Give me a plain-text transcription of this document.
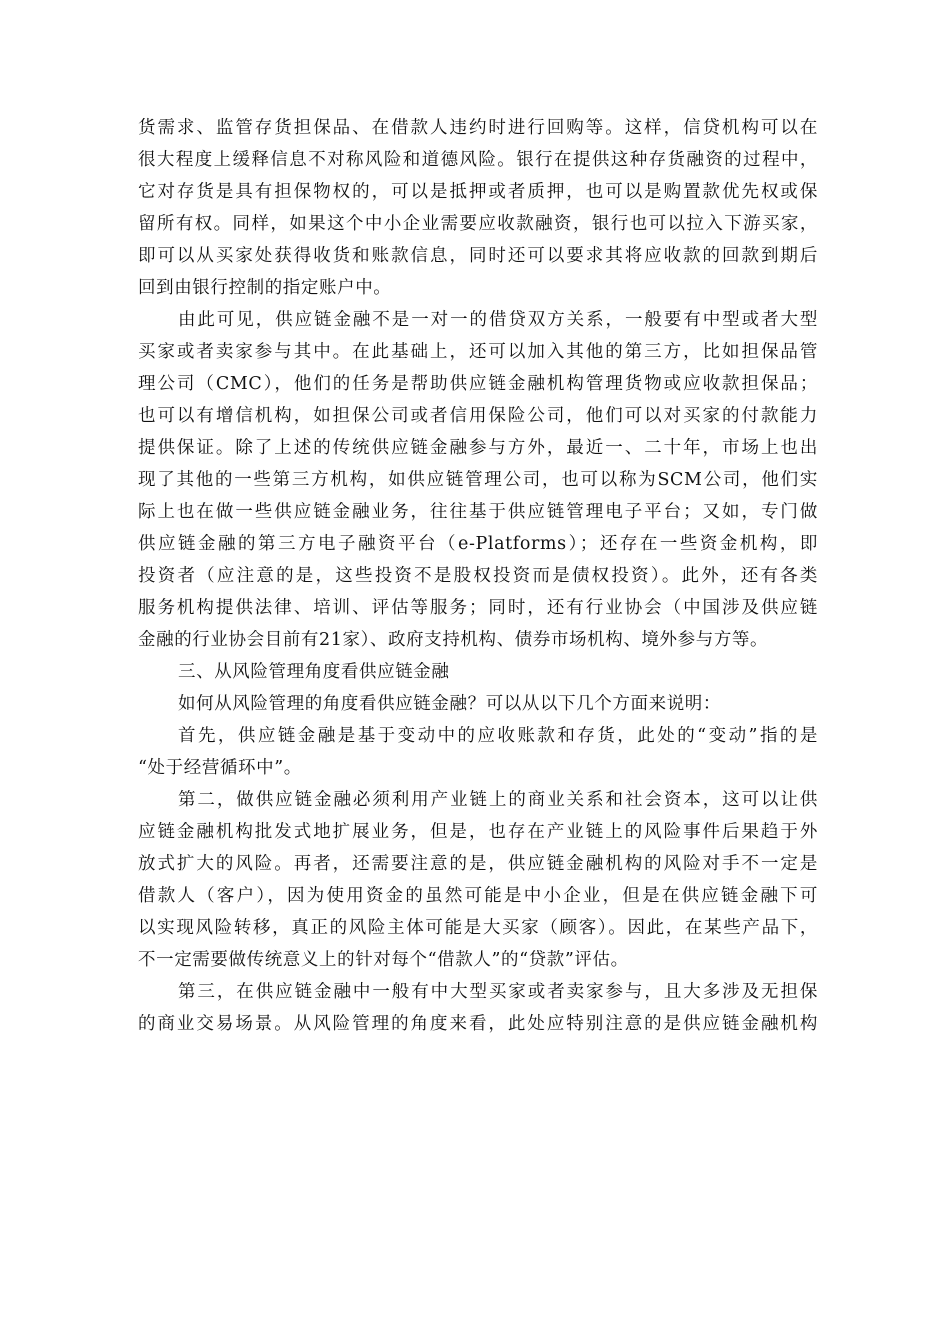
货需求、监管存货担保品、在借款人违约时进行回购等。这样，信贷机构可以在
很大程度上缓释信息不对称风险和道德风险。银行在提供这种存货融资的过程中，
它对存货是具有担保物权的，可以是抵押或者质押，也可以是购置款优先权或保
留所有权。同样，如果这个中小企业需要应收款融资，银行也可以拉入下游买家，
即可以从买家处获得收货和账款信息，同时还可以要求其将应收款的回款到期后
回到由银行控制的指定账户中。
由此可见，供应链金融不是一对一的借贷双方关系，一般要有中型或者大型
买家或者卖家参与其中。在此基础上，还可以加入其他的第三方，比如担保品管
理公司（CMC），他们的任务是帮助供应链金融机构管理货物或应收款担保品；
也可以有增信机构，如担保公司或者信用保险公司，他们可以对买家的付款能力
提供保证。除了上述的传统供应链金融参与方外，最近一、二十年，市场上也出
现了其他的一些第三方机构，如供应链管理公司，也可以称为SCM公司，他们实
际上也在做一些供应链金融业务，往往基于供应链管理电子平台；又如，专门做
供应链金融的第三方电子融资平台（e-Platforms）；还存在一些资金机构，即
投资者（应注意的是，这些投资不是股权投资而是债权投资）。此外，还有各类
服务机构提供法律、培训、评估等服务；同时，还有行业协会（中国涉及供应链
金融的行业协会目前有21家）、政府支持机构、债券市场机构、境外参与方等。
三、从风险管理角度看供应链金融
如何从风险管理的角度看供应链金融？可以从以下几个方面来说明：
首先，供应链金融是基于变动中的应收账款和存货，此处的“变动”指的是
“处于经营循环中”。
第二，做供应链金融必须利用产业链上的商业关系和社会资本，这可以让供
应链金融机构批发式地扩展业务，但是，也存在产业链上的风险事件后果趋于外
放式扩大的风险。再者，还需要注意的是，供应链金融机构的风险对手不一定是
借款人（客户），因为使用资金的虽然可能是中小企业，但是在供应链金融下可
以实现风险转移，真正的风险主体可能是大买家（顾客）。因此，在某些产品下，
不一定需要做传统意义上的针对每个“借款人”的“贷款”评估。
第三，在供应链金融中一般有中大型买家或者卖家参与，且大多涉及无担保
的商业交易场景。从风险管理的角度来看，此处应特别注意的是供应链金融机构
